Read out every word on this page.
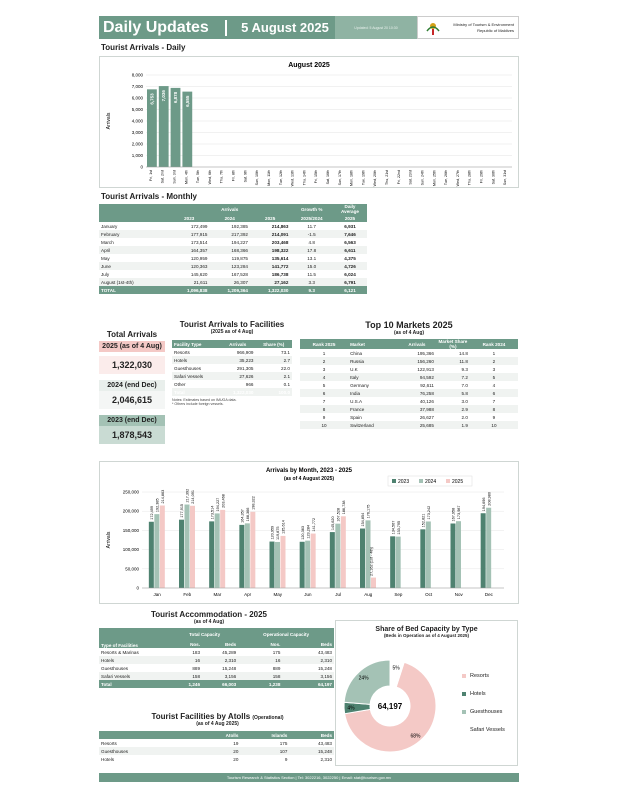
Daily Updates	5 August 2025	Updated: 5 August 20 10:30
Ministry of Tourism & Environment
Republic of Maldives
Tourist Arrivals - Daily
August 2025
Arrivals
0
1,000
2,000
3,000
4,000
5,000
6,000
7,000
8,000
Fri, 1st Sat, 2nd Sun, 3rd Mon, 4th Tue, 5th Wed, 6th Thu, 7th Fri, 8th Sat, 9th Sun, 10th Mon, 11th Tue, 12th Wed, 13th Thu, 14th Fri, 15th Sat, 16th Sun, 17th Mon, 18th Tue, 19th Wed, 20th Thu, 21st Fri, 22nd Sat, 23rd Sun, 24th Mon, 25th Tue, 26th Wed, 27th Thu, 28th Fri, 29th Sat, 30th Sun, 31st
6,753 7,036 6,878 6,555
Tourist Arrivals - Monthly
	Arrivals			Growth %	Daily Average
	2023	2024	2025	2025/2024	2025
January	172,499	192,385	214,863	11.7	6,931
February	177,915	217,392	214,091	-1.5	7,646
March	173,514	194,227	203,468	4.8	6,563
April	164,357	168,366	198,322	17.8	6,611
May	120,959	119,875	135,614	13.1	4,375
June	120,363	123,284	141,772	15.0	4,726
July	145,620	167,528	186,738	11.5	6,024
August (1st-4th)	21,611	26,307	27,162	3.3	6,791
TOTAL	1,096,838	1,209,364	1,322,030	9.3	6,121
Total Arrivals
2025 (as of 4 Aug)
1,322,030
2024 (end Dec)
2,046,615
2023 (end Dec)
1,878,543
Tourist Arrivals to Facilities
(2025 as of 4 Aug)
Facility Type	Arrivals	Share (%)
Resorts	966,909	73.1
Hotels	35,223	2.7
Guesthouses	291,305	22.0
Safari Vessels	27,626	2.1
Other	966	0.1
Total	1,322,030	100.0
Notes: Estimates based on IMUGA data.
* Others include foreign vessels.
Top 10 Markets 2025
(as of 4 Aug)
Rank 2025	Market	Arrivals	Market Share (%)	Rank 2024
1	China	195,366	14.8	1
2	Russia	156,260	11.8	2
3	U.K	122,913	9.3	3
4	Italy	94,592	7.2	5
5	Germany	92,611	7.0	4
6	India	76,258	5.8	6
7	U.S.A	40,126	3.0	7
8	France	37,988	2.9	8
9	Spain	26,627	2.0	9
10	Switzerland	25,685	1.9	10
Arrivals by Month, 2023 - 2025
(as of 4 August 2025)	2023	2024	2025
Arrivals
0
50,000
100,000
150,000
200,000
250,000
Jan
172,499
192,385
214,863
Feb
177,915
217,392 214,091
Mar
173,514
194,227 203,468
Apr
164,357 168,366
198,322
May
120,959 119,875 135,614
Jun
120,363 123,284
141,772
Jul
145,620
167,528
186,738
Aug
154,854
176,175
27,162 (1st - 4th)
Sep
134,567 133,795
Oct
152,821
173,242
Nov
167,958 173,987
Dec
194,696 208,980
Tourist Accommodation - 2025
(as of 4 Aug)
Type of Facilities	Total Capacity		Operational Capacity	
	Nos.	Beds	Nos.	Beds
Resorts & Marinas	183	45,289	175	43,483
Hotels	16	2,310	16	2,310
Guesthouses	889	15,248	889	15,248
Safari Vessels	158	3,156	158	3,156
Total	1,246	66,003	1,238	64,197
Tourist Facilities by Atolls (Operational)
(as of 4 Aug 2025)
	Atolls	Islands	Beds
Resorts	19	175	43,483
Guesthouses	20	107	15,248
Hotels	20	9	2,310
Share of Bed Capacity by Type
(Beds in Operation as of 4 August 2025)
68%
4%
24%
5%
64,197
Resorts
Hotels
Guesthouses
Safari Vessels
Tourism Research & Statistics Section | Tel: 3022216, 3022250 | Email: stat@tourism.gov.mv
